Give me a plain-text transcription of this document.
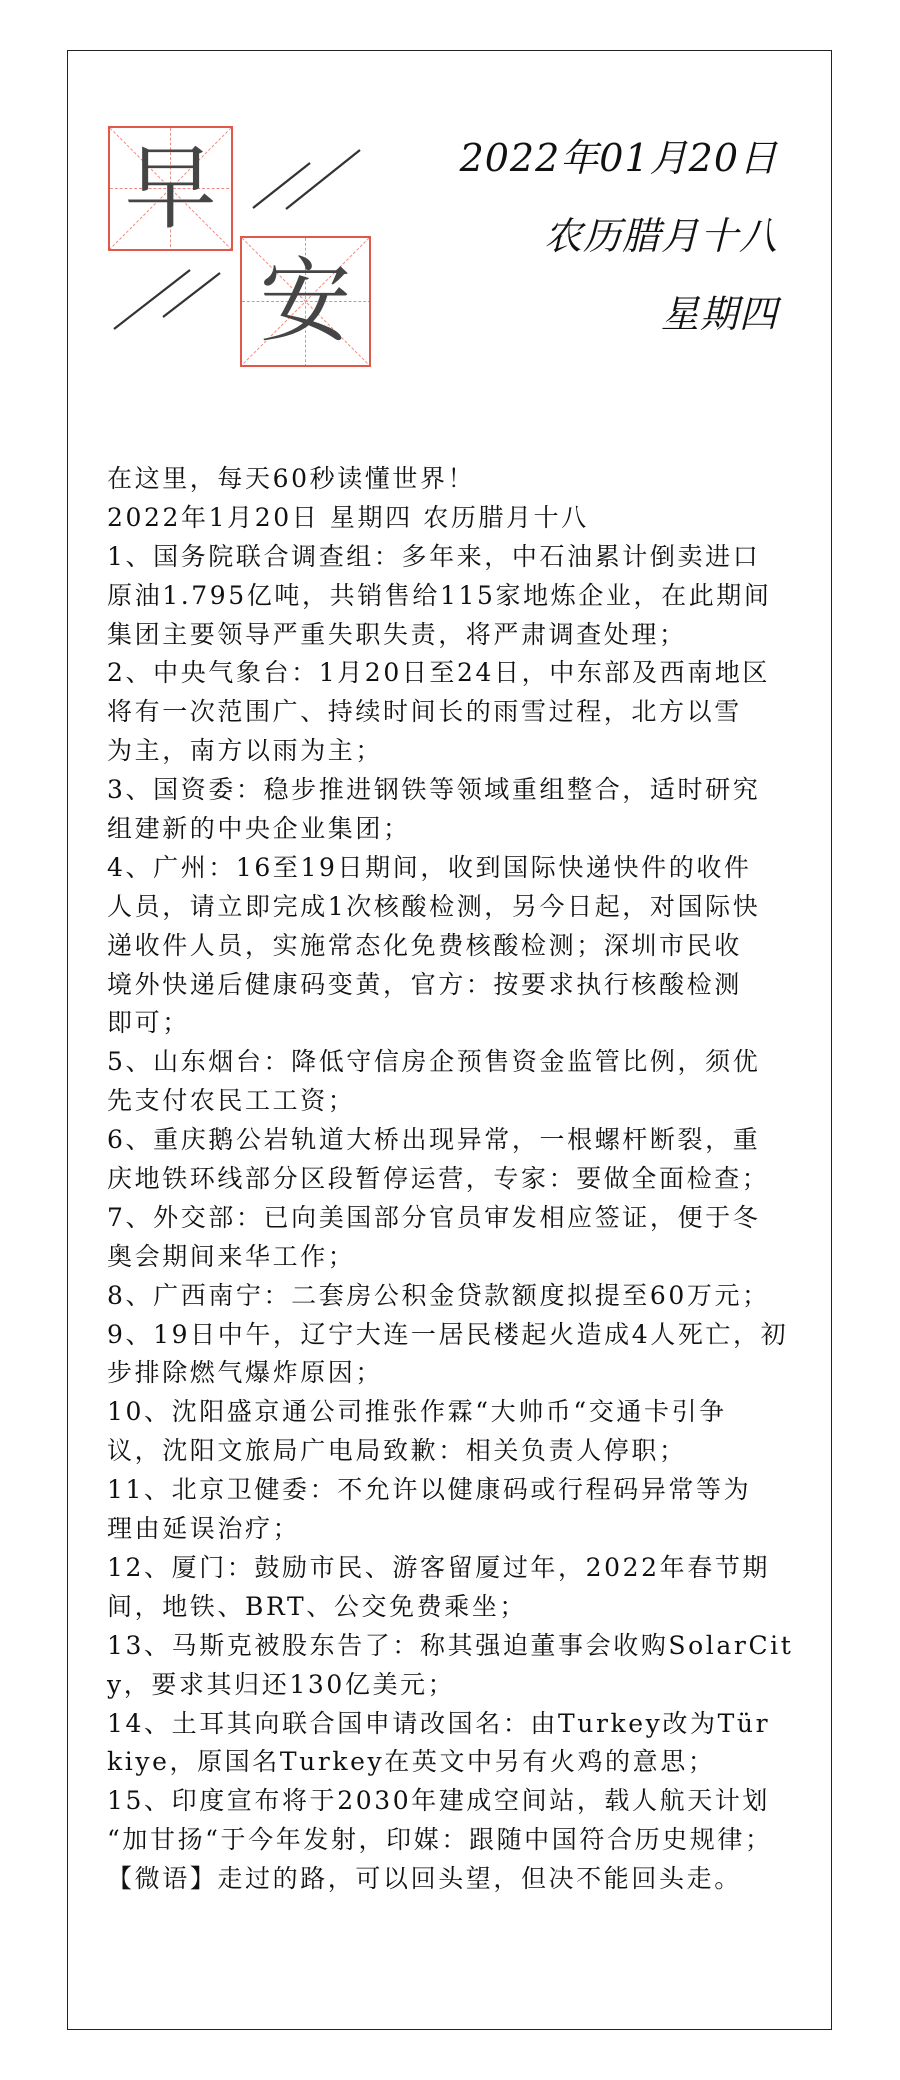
早
安
2022年01月20日
农历腊月十八
星期四
在这里，每天60秒读懂世界！
2022年1月20日 星期四 农历腊月十八
1、国务院联合调查组：多年来，中石油累计倒卖进口
原油1.795亿吨，共销售给115家地炼企业，在此期间
集团主要领导严重失职失责，将严肃调查处理；
2、中央气象台：1月20日至24日，中东部及西南地区
将有一次范围广、持续时间长的雨雪过程，北方以雪
为主，南方以雨为主；
3、国资委：稳步推进钢铁等领域重组整合，适时研究
组建新的中央企业集团；
4、广州：16至19日期间，收到国际快递快件的收件
人员，请立即完成1次核酸检测，另今日起，对国际快
递收件人员，实施常态化免费核酸检测；深圳市民收
境外快递后健康码变黄，官方：按要求执行核酸检测
即可；
5、山东烟台：降低守信房企预售资金监管比例，须优
先支付农民工工资；
6、重庆鹅公岩轨道大桥出现异常，一根螺杆断裂，重
庆地铁环线部分区段暂停运营，专家：要做全面检查；
7、外交部：已向美国部分官员审发相应签证，便于冬
奥会期间来华工作；
8、广西南宁：二套房公积金贷款额度拟提至60万元；
9、19日中午，辽宁大连一居民楼起火造成4人死亡，初
步排除燃气爆炸原因；
10、沈阳盛京通公司推张作霖“大帅币“交通卡引争
议，沈阳文旅局广电局致歉：相关负责人停职；
11、北京卫健委：不允许以健康码或行程码异常等为
理由延误治疗；
12、厦门：鼓励市民、游客留厦过年，2022年春节期
间，地铁、BRT、公交免费乘坐；
13、马斯克被股东告了：称其强迫董事会收购SolarCit
y，要求其归还130亿美元；
14、土耳其向联合国申请改国名：由Turkey改为Tür
kiye，原国名Turkey在英文中另有火鸡的意思；
15、印度宣布将于2030年建成空间站，载人航天计划
“加甘扬“于今年发射，印媒：跟随中国符合历史规律；
【微语】走过的路，可以回头望，但决不能回头走。
